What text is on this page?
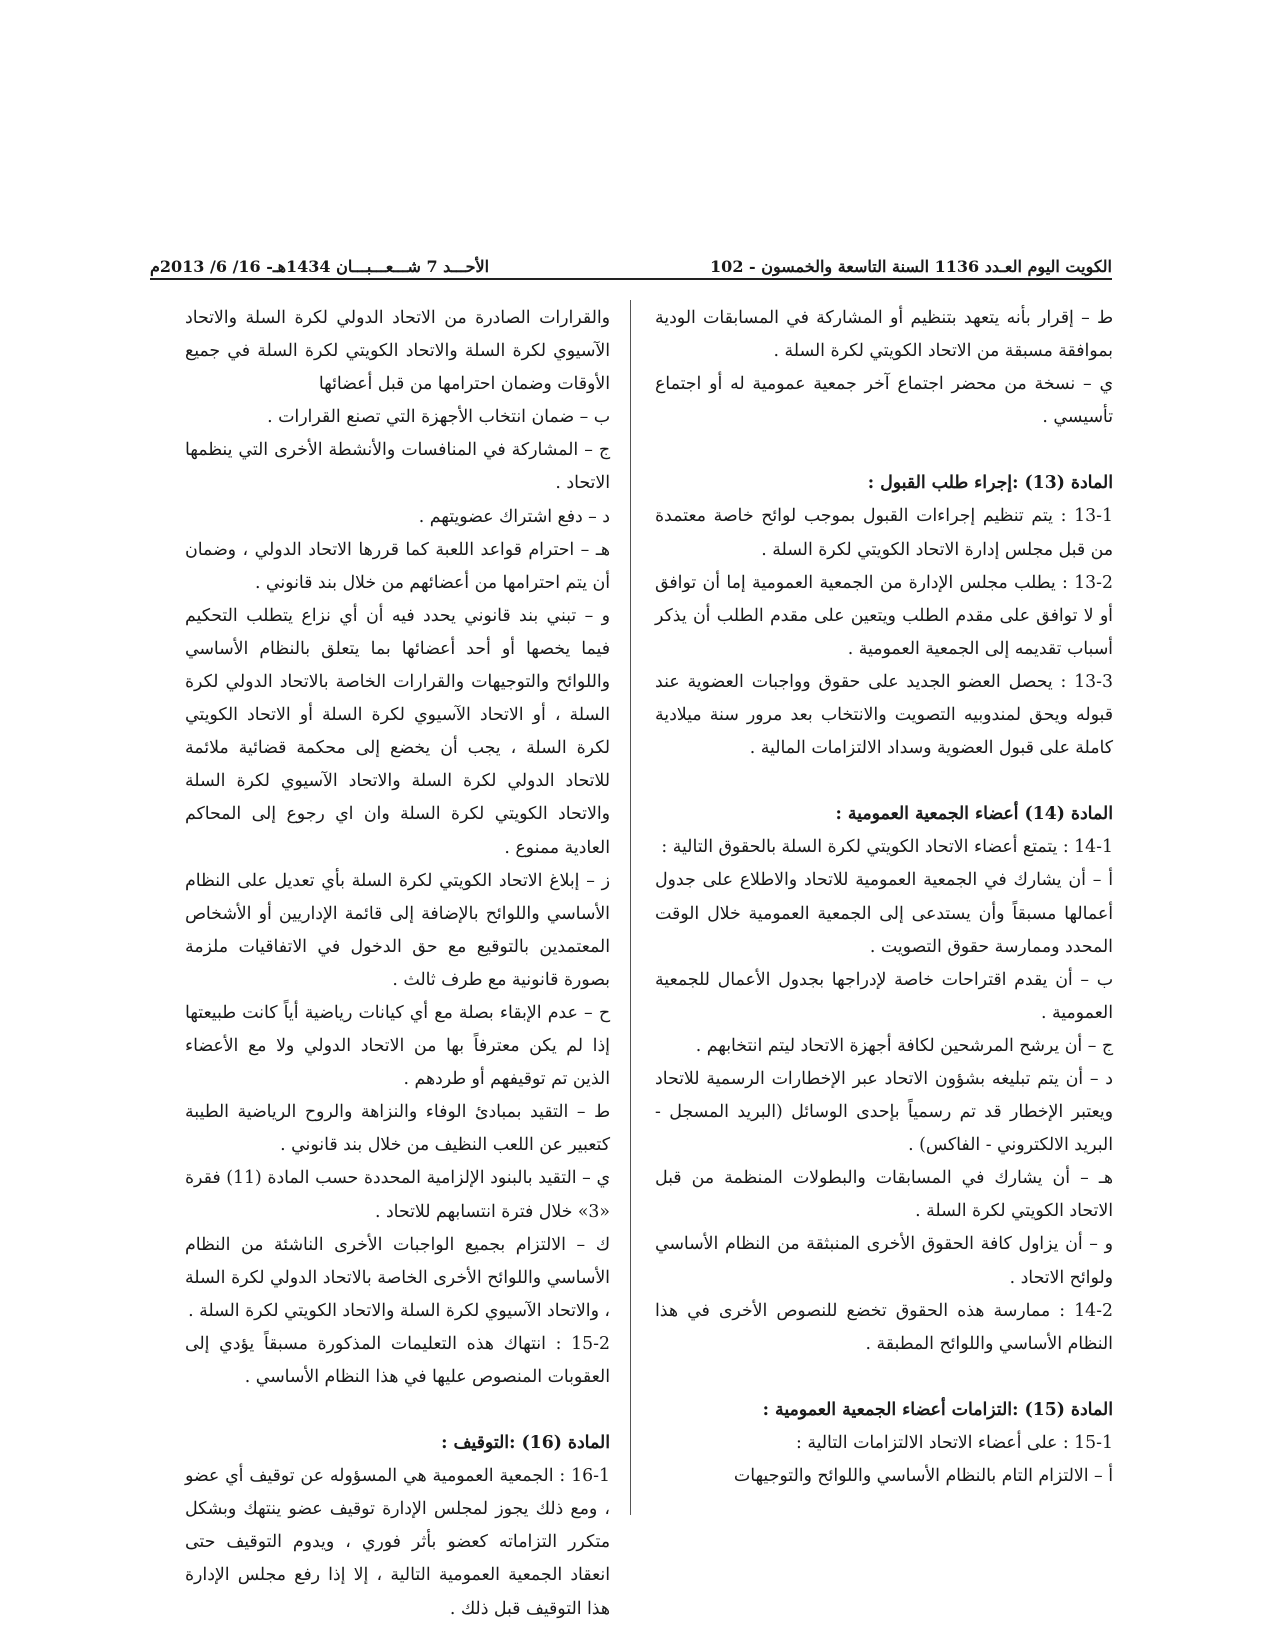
الكويت اليوم العـدد 1136 السنة التاسعة والخمسون - 102
الأحـــد 7 شـــعـــبـــان 1434هـ- 16/ 6/ 2013م

ط – إقرار بأنه يتعهد بتنظيم أو المشاركة في المسابقات الودية بموافقة مسبقة من الاتحاد الكويتي لكرة السلة .

ي – نسخة من محضر اجتماع آخر جمعية عمومية له أو اجتماع تأسيسي .

المادة (13) :إجراء طلب القبول :

13-1 : يتم تنظيم إجراءات القبول بموجب لوائح خاصة معتمدة من قبل مجلس إدارة الاتحاد الكويتي لكرة السلة .

13-2 : يطلب مجلس الإدارة من الجمعية العمومية إما أن توافق أو لا توافق على مقدم الطلب ويتعين على مقدم الطلب أن يذكر أسباب تقديمه إلى الجمعية العمومية .

13-3 : يحصل العضو الجديد على حقوق وواجبات العضوية عند قبوله ويحق لمندوبيه التصويت والانتخاب بعد مرور سنة ميلادية كاملة على قبول العضوية وسداد الالتزامات المالية .

المادة (14) أعضاء الجمعية العمومية :

14-1 : يتمتع أعضاء الاتحاد الكويتي لكرة السلة بالحقوق التالية :

أ – أن يشارك في الجمعية العمومية للاتحاد والاطلاع على جدول أعمالها مسبقاً وأن يستدعى إلى الجمعية العمومية خلال الوقت المحدد وممارسة حقوق التصويت .

ب – أن يقدم اقتراحات خاصة لإدراجها بجدول الأعمال للجمعية العمومية .

ج – أن يرشح المرشحين لكافة أجهزة الاتحاد ليتم انتخابهم .

د – أن يتم تبليغه بشؤون الاتحاد عبر الإخطارات الرسمية للاتحاد ويعتبر الإخطار قد تم رسمياً بإحدى الوسائل (البريد المسجل - البريد الالكتروني - الفاكس) .

هـ – أن يشارك في المسابقات والبطولات المنظمة من قبل الاتحاد الكويتي لكرة السلة .

و – أن يزاول كافة الحقوق الأخرى المنبثقة من النظام الأساسي ولوائح الاتحاد .

14-2 : ممارسة هذه الحقوق تخضع للنصوص الأخرى في هذا النظام الأساسي واللوائح المطبقة .

المادة (15) :التزامات أعضاء الجمعية العمومية :

15-1 : على أعضاء الاتحاد الالتزامات التالية :

أ – الالتزام التام بالنظام الأساسي واللوائح والتوجيهات

والقرارات الصادرة من الاتحاد الدولي لكرة السلة والاتحاد الآسيوي لكرة السلة والاتحاد الكويتي لكرة السلة في جميع الأوقات وضمان احترامها من قبل أعضائها

ب – ضمان انتخاب الأجهزة التي تصنع القرارات .

ج – المشاركة في المنافسات والأنشطة الأخرى التي ينظمها الاتحاد .

د – دفع اشتراك عضويتهم .

هـ – احترام قواعد اللعبة كما قررها الاتحاد الدولي ، وضمان أن يتم احترامها من أعضائهم من خلال بند قانوني .

و – تبني بند قانوني يحدد فيه أن أي نزاع يتطلب التحكيم فيما يخصها أو أحد أعضائها بما يتعلق بالنظام الأساسي واللوائح والتوجيهات والقرارات الخاصة بالاتحاد الدولي لكرة السلة ، أو الاتحاد الآسيوي لكرة السلة أو الاتحاد الكويتي لكرة السلة ، يجب أن يخضع إلى محكمة قضائية ملائمة للاتحاد الدولي لكرة السلة والاتحاد الآسيوي لكرة السلة والاتحاد الكويتي لكرة السلة وان اي رجوع إلى المحاكم العادية ممنوع .

ز – إبلاغ الاتحاد الكويتي لكرة السلة بأي تعديل على النظام الأساسي واللوائح بالإضافة إلى قائمة الإداريين أو الأشخاص المعتمدين بالتوقيع مع حق الدخول في الاتفاقيات ملزمة بصورة قانونية مع طرف ثالث .

ح – عدم الإبقاء بصلة مع أي كيانات رياضية أياً كانت طبيعتها إذا لم يكن معترفاً بها من الاتحاد الدولي ولا مع الأعضاء الذين تم توقيفهم أو طردهم .

ط – التقيد بمبادئ الوفاء والنزاهة والروح الرياضية الطيبة كتعبير عن اللعب النظيف من خلال بند قانوني .

ي – التقيد بالبنود الإلزامية المحددة حسب المادة (11) فقرة «3» خلال فترة انتسابهم للاتحاد .

ك – الالتزام بجميع الواجبات الأخرى الناشئة من النظام الأساسي واللوائح الأخرى الخاصة بالاتحاد الدولي لكرة السلة ، والاتحاد الآسيوي لكرة السلة والاتحاد الكويتي لكرة السلة .

15-2 : انتهاك هذه التعليمات المذكورة مسبقاً يؤدي إلى العقوبات المنصوص عليها في هذا النظام الأساسي .

المادة (16) :التوقيف :

16-1 : الجمعية العمومية هي المسؤوله عن توقيف أي عضو ، ومع ذلك يجوز لمجلس الإدارة توقيف عضو ينتهك وبشكل متكرر التزاماته كعضو بأثر فوري ، ويدوم التوقيف حتى انعقاد الجمعية العمومية التالية ، إلا إذا رفع مجلس الإدارة هذا التوقيف قبل ذلك .
